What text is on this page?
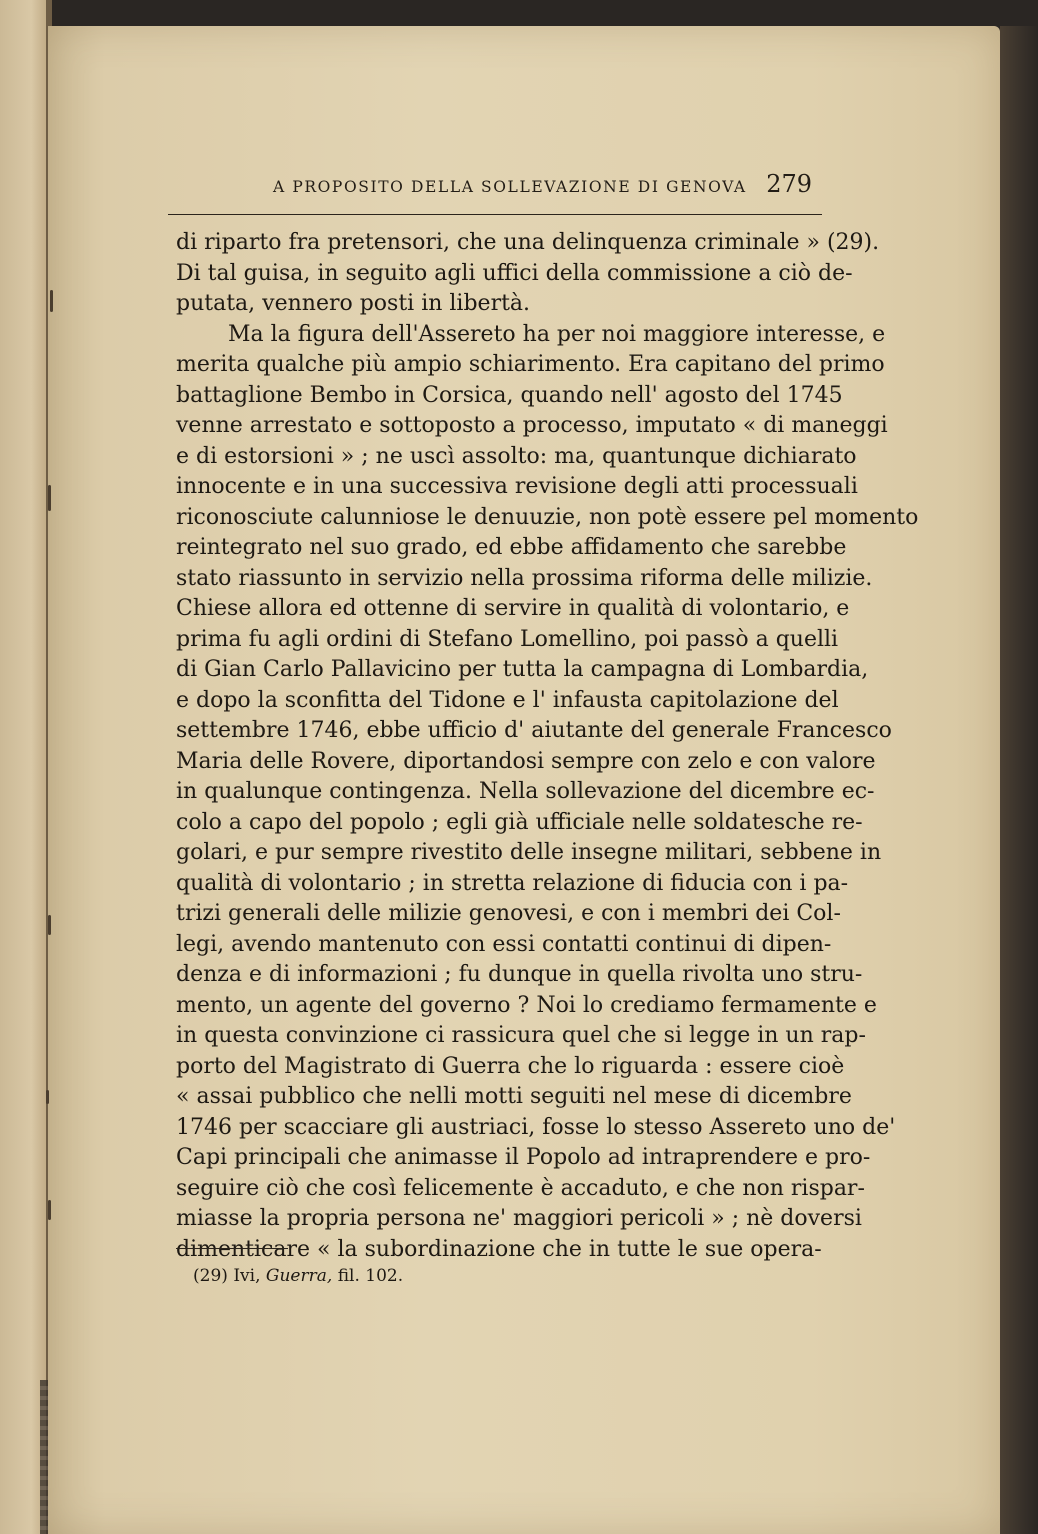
A PROPOSITO DELLA SOLLEVAZIONE DI GENOVA 279
di riparto fra pretensori, che una delinquenza criminale » (29).
Di tal guisa, in seguito agli uffici della commissione a ciò de-
putata, vennero posti in libertà.
Ma la figura dell'Assereto ha per noi maggiore interesse, e
merita qualche più ampio schiarimento. Era capitano del primo
battaglione Bembo in Corsica, quando nell' agosto del 1745
venne arrestato e sottoposto a processo, imputato « di maneggi
e di estorsioni » ; ne uscì assolto: ma, quantunque dichiarato
innocente e in una successiva revisione degli atti processuali
riconosciute calunniose le denuuzie, non potè essere pel momento
reintegrato nel suo grado, ed ebbe affidamento che sarebbe
stato riassunto in servizio nella prossima riforma delle milizie.
Chiese allora ed ottenne di servire in qualità di volontario, e
prima fu agli ordini di Stefano Lomellino, poi passò a quelli
di Gian Carlo Pallavicino per tutta la campagna di Lombardia,
e dopo la sconfitta del Tidone e l' infausta capitolazione del
settembre 1746, ebbe ufficio d' aiutante del generale Francesco
Maria delle Rovere, diportandosi sempre con zelo e con valore
in qualunque contingenza. Nella sollevazione del dicembre ec-
colo a capo del popolo ; egli già ufficiale nelle soldatesche re-
golari, e pur sempre rivestito delle insegne militari, sebbene in
qualità di volontario ; in stretta relazione di fiducia con i pa-
trizi generali delle milizie genovesi, e con i membri dei Col-
legi, avendo mantenuto con essi contatti continui di dipen-
denza e di informazioni ; fu dunque in quella rivolta uno stru-
mento, un agente del governo ? Noi lo crediamo fermamente e
in questa convinzione ci rassicura quel che si legge in un rap-
porto del Magistrato di Guerra che lo riguarda : essere cioè
« assai pubblico che nelli motti seguiti nel mese di dicembre
1746 per scacciare gli austriaci, fosse lo stesso Assereto uno de'
Capi principali che animasse il Popolo ad intraprendere e pro-
seguire ciò che così felicemente è accaduto, e che non rispar-
miasse la propria persona ne' maggiori pericoli » ; nè doversi
dimenticare « la subordinazione che in tutte le sue opera-
(29) Ivi, Guerra, fil. 102.
